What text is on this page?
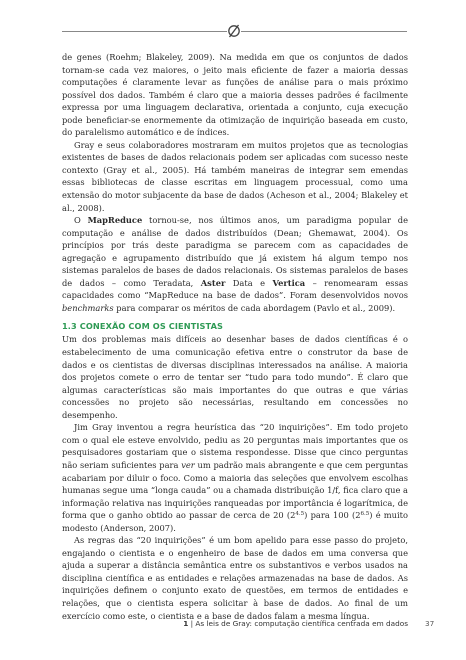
de genes (Roehm; Blakeley, 2009). Na medida em que os conjuntos de dados tornam-se cada vez maiores, o jeito mais eficiente de fazer a maioria dessas computações é claramente levar as funções de análise para o mais próximo possível dos dados. Também é claro que a maioria desses padrões é facilmente expressa por uma linguagem declarativa, orientada a conjunto, cuja execução pode beneficiar-se enormemente da otimização de inquirição baseada em custo, do paralelismo automático e de índices.

Gray e seus colaboradores mostraram em muitos projetos que as tecnologias existentes de bases de dados relacionais podem ser aplicadas com sucesso neste contexto (Gray et al., 2005). Há também maneiras de integrar sem emendas essas bibliotecas de classe escritas em linguagem processual, como uma extensão do motor subjacente da base de dados (Acheson et al., 2004; Blakeley et al., 2008).

O MapReduce tornou-se, nos últimos anos, um paradigma popular de computação e análise de dados distribuídos (Dean; Ghemawat, 2004). Os princípios por trás deste paradigma se parecem com as capacidades de agregação e agrupamento distribuído que já existem há algum tempo nos sistemas paralelos de bases de dados relacionais. Os sistemas paralelos de bases de dados – como Teradata, Aster Data e Vertica – renomearam essas capacidades como “MapReduce na base de dados”. Foram desenvolvidos novos benchmarks para comparar os méritos de cada abordagem (Pavlo et al., 2009).

1.3 CONEXÃO COM OS CIENTISTAS

Um dos problemas mais difíceis ao desenhar bases de dados científicas é o estabelecimento de uma comunicação efetiva entre o construtor da base de dados e os cientistas de diversas disciplinas interessados na análise. A maioria dos projetos comete o erro de tentar ser “tudo para todo mundo”. É claro que algumas características são mais importantes do que outras e que várias concessões no projeto são necessárias, resultando em concessões no desempenho.

Jim Gray inventou a regra heurística das “20 inquirições”. Em todo projeto com o qual ele esteve envolvido, pediu as 20 perguntas mais importantes que os pesquisadores gostariam que o sistema respondesse. Disse que cinco perguntas não seriam suficientes para ver um padrão mais abrangente e que cem perguntas acabariam por diluir o foco. Como a maioria das seleções que envolvem escolhas humanas segue uma “longa cauda” ou a chamada distribuição 1/f, fica claro que a informação relativa nas inquirições ranqueadas por importância é logarítmica, de forma que o ganho obtido ao passar de cerca de 20 $(2^{4.5})$ para 100 $(2^{6.5})$ é muito modesto (Anderson, 2007).

As regras das “20 inquirições” é um bom apelido para esse passo do projeto, engajando o cientista e o engenheiro de base de dados em uma conversa que ajuda a superar a distância semântica entre os substantivos e verbos usados na disciplina científica e as entidades e relações armazenadas na base de dados. As inquirições definem o conjunto exato de questões, em termos de entidades e relações, que o cientista espera solicitar à base de dados. Ao final de um exercício como este, o cientista e a base de dados falam a mesma língua.

1 | As leis de Gray: computação científica centrada em dados 37
